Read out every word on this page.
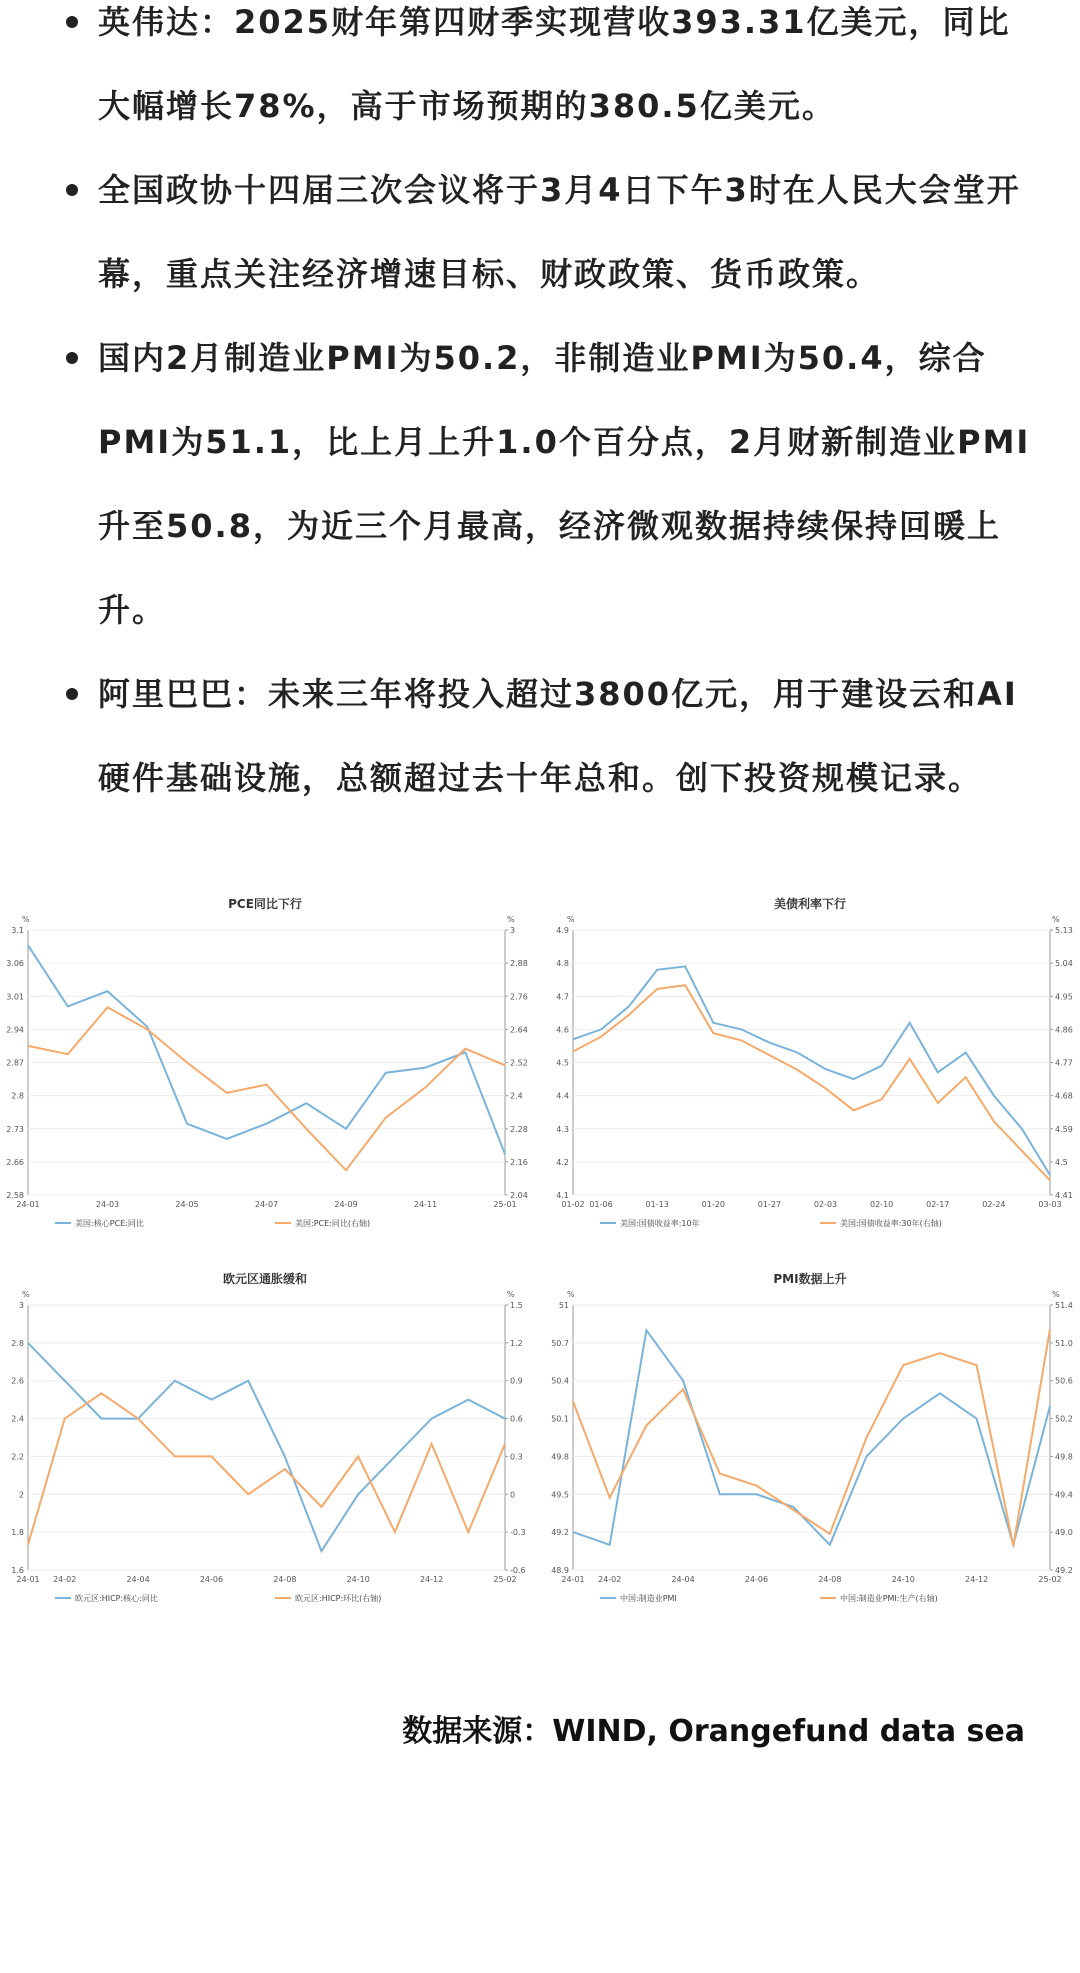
英伟达：2025财年第四财季实现营收393.31亿美元，同比大幅增长78%，高于市场预期的380.5亿美元。
全国政协十四届三次会议将于3月4日下午3时在人民大会堂开幕，重点关注经济增速目标、财政政策、货币政策。
国内2月制造业PMI为50.2，非制造业PMI为50.4，综合PMI为51.1，比上月上升1.0个百分点，2月财新制造业PMI升至50.8，为近三个月最高，经济微观数据持续保持回暖上升。
阿里巴巴：未来三年将投入超过3800亿元，用于建设云和AI硬件基础设施，总额超过去十年总和。创下投资规模记录。
PCE同比下行
%	%
3.1
3.06
3.01
2.94
2.87
2.8
2.73
2.66
2.58
3
2.88
2.76
2.64
2.52
2.4
2.28
2.16
2.04
24-01	24-03	24-05	24-07	24-09	24-11	25-01
美国:核心PCE:同比	美国:PCE:同比(右轴)
美债利率下行
%	%
4.9
4.8
4.7
4.6
4.5
4.4
4.3
4.2
4.1
5.13
5.04
4.95
4.86
4.77
4.68
4.59
4.5
4.41
01-02 01-06	01-13	01-20	01-27	02-03	02-10	02-17	02-24	03-03
美国:国债收益率:10年	美国:国债收益率:30年(右轴)
欧元区通胀缓和
%	%
3
2.8
2.6
2.4
2.2
2
1.8
1.6
1.5
1.2
0.9
0.6
0.3
0
-0.3
-0.6
24-01 24-02	24-04	24-06	24-08	24-10	24-12	25-02
欧元区:HICP:核心:同比	欧元区:HICP:环比(右轴)
PMI数据上升
%	%
51
50.7
50.4
50.1
49.8
49.5
49.2
48.9
51.4
51.0
50.6
50.2
49.8
49.4
49.0
49.2
24-01 24-02	24-04	24-06	24-08	24-10	24-12	25-02
中国:制造业PMI	中国:制造业PMI:生产(右轴)
数据来源：WIND, Orangefund data sea
